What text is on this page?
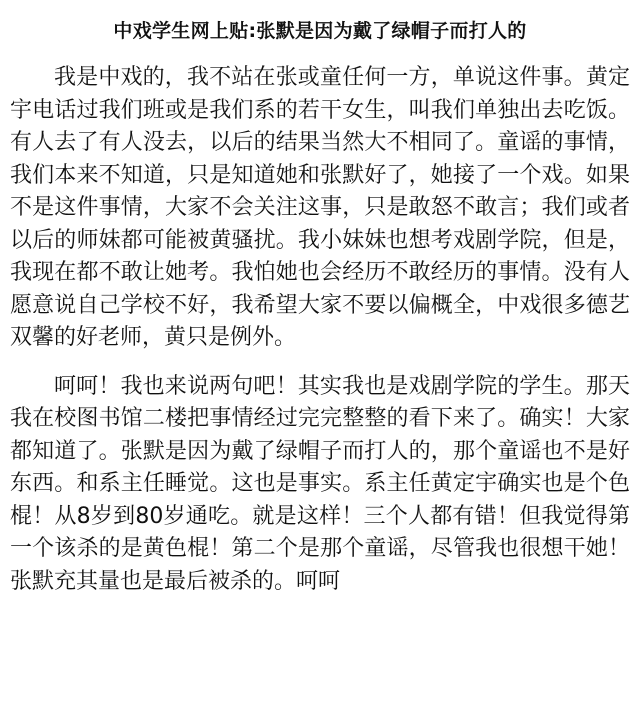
中戏学生网上贴:张默是因为戴了绿帽子而打人的

我是中戏的，我不站在张或童任何一方，单说这件事。黄定宇电话过我们班或是我们系的若干女生，叫我们单独出去吃饭。有人去了有人没去，以后的结果当然大不相同了。童谣的事情，我们本来不知道，只是知道她和张默好了，她接了一个戏。如果不是这件事情，大家不会关注这事，只是敢怒不敢言；我们或者以后的师妹都可能被黄骚扰。我小妹妹也想考戏剧学院，但是，我现在都不敢让她考。我怕她也会经历不敢经历的事情。没有人愿意说自己学校不好，我希望大家不要以偏概全，中戏很多德艺双馨的好老师，黄只是例外。

呵呵！我也来说两句吧！其实我也是戏剧学院的学生。那天我在校图书馆二楼把事情经过完完整整的看下来了。确实！大家都知道了。张默是因为戴了绿帽子而打人的，那个童谣也不是好东西。和系主任睡觉。这也是事实。系主任黄定宇确实也是个色棍！从8岁到80岁通吃。就是这样！三个人都有错！但我觉得第一个该杀的是黄色棍！第二个是那个童谣，尽管我也很想干她！张默充其量也是最后被杀的。呵呵
